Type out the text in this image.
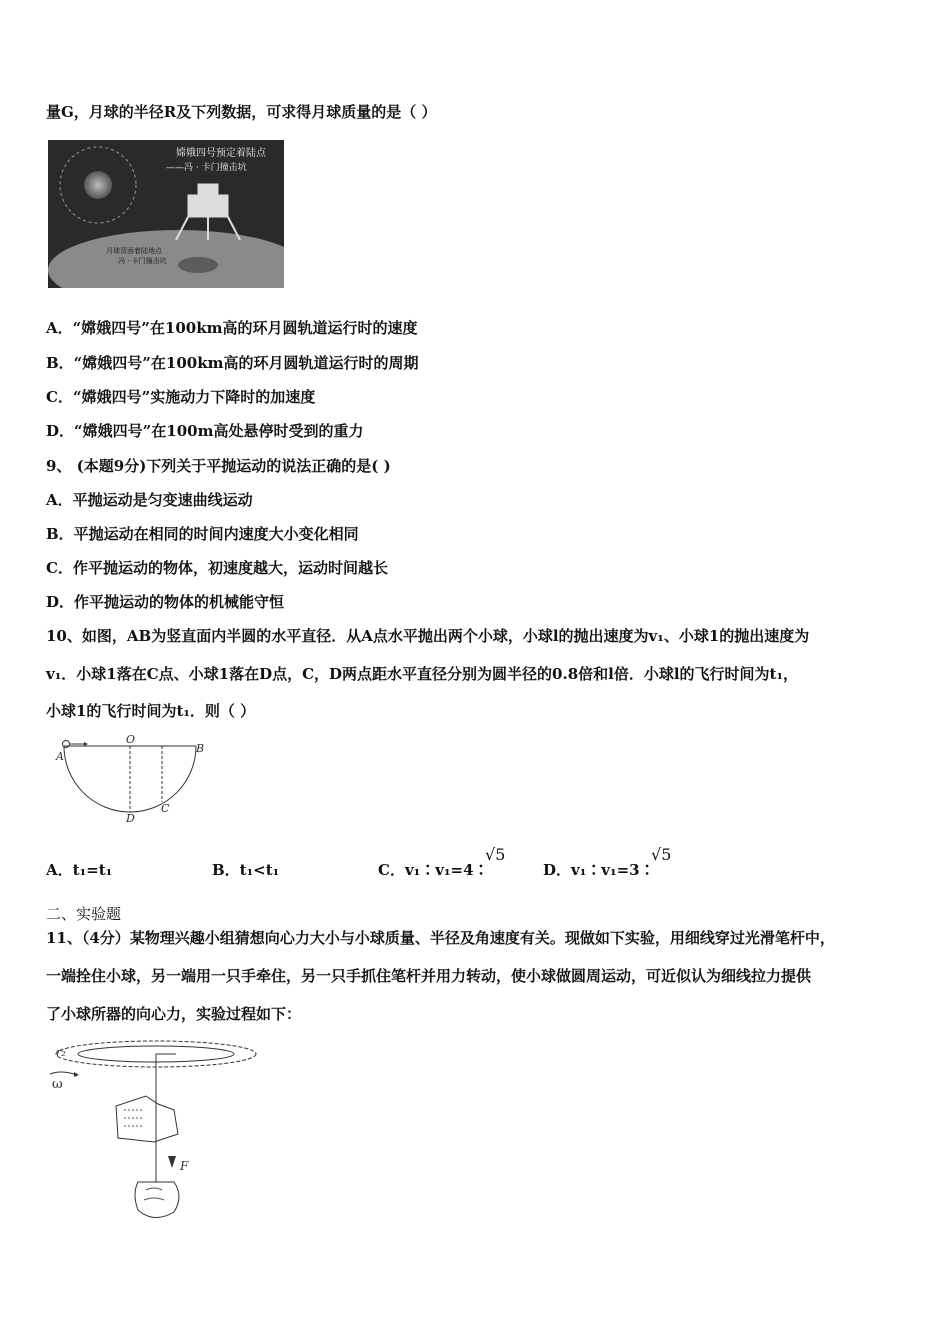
量G，月球的半径R及下列数据，可求得月球质量的是（ ）
嫦娥四号预定着陆点
——冯 · 卡门撞击坑
月球背面着陆地点
冯 · 卡门撞击坑
A．“嫦娥四号”在100km高的环月圆轨道运行时的速度
B．“嫦娥四号”在100km高的环月圆轨道运行时的周期
C．“嫦娥四号”实施动力下降时的加速度
D．“嫦娥四号”在100m高处悬停时受到的重力
9、 (本题9分)下列关于平抛运动的说法正确的是( )
A．平抛运动是匀变速曲线运动
B．平抛运动在相同的时间内速度大小变化相同
C．作平抛运动的物体，初速度越大，运动时间越长
D．作平抛运动的物体的机械能守恒
10、如图，AB为竖直面内半圆的水平直径．从A点水平抛出两个小球，小球l的抛出速度为v₁、小球1的抛出速度为
v₁．小球1落在C点、小球1落在D点，C，D两点距水平直径分别为圆半径的0.8倍和l倍．小球l的飞行时间为t₁，
小球1的飞行时间为t₁．则（ ）
A
O
B
C
D
A．t₁=t₁	B．t₁<t₁	C．v₁∶v₁=4∶
√5
D．v₁∶v₁=3∶
√5
二、实验题
11、（4分）某物理兴趣小组猜想向心力大小与小球质量、半径及角速度有关。现做如下实验，用细线穿过光滑笔杆中，
一端拴住小球，另一端用一只手牵住，另一只手抓住笔杆并用力转动，使小球做圆周运动，可近似认为细线拉力提供
了小球所器的向心力，实验过程如下：
r₂
ω
F
